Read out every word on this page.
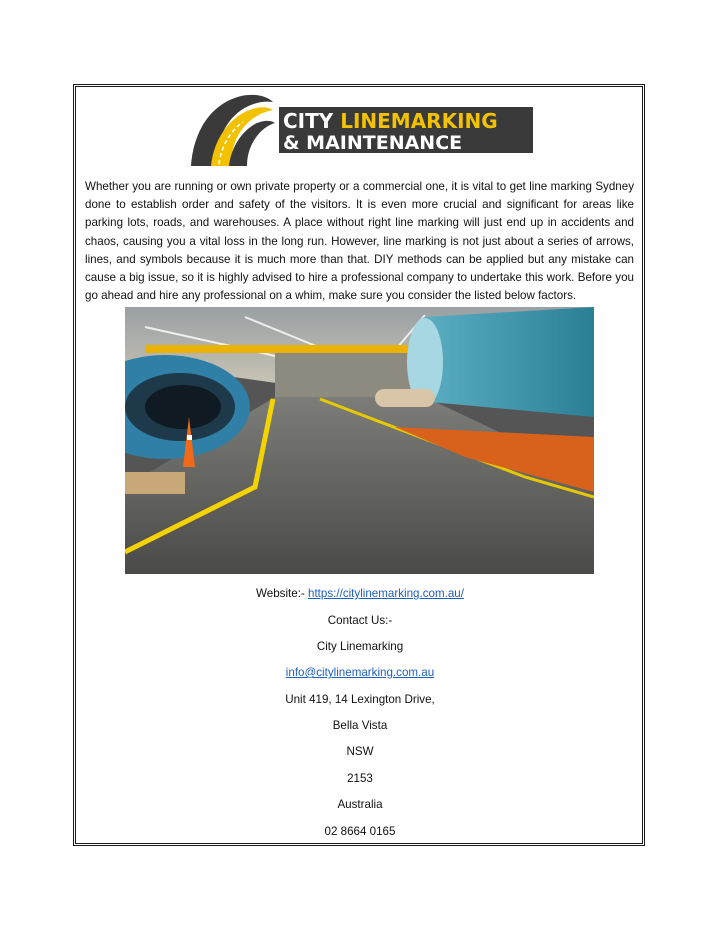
CITY LINEMARKING
& MAINTENANCE

Whether you are running or own private property or a commercial one, it is vital to get line marking Sydney done to establish order and safety of the visitors. It is even more crucial and significant for areas like parking lots, roads, and warehouses. A place without right line marking will just end up in accidents and chaos, causing you a vital loss in the long run. However, line marking is not just about a series of arrows, lines, and symbols because it is much more than that. DIY methods can be applied but any mistake can cause a big issue, so it is highly advised to hire a professional company to undertake this work. Before you go ahead and hire any professional on a whim, make sure you consider the listed below factors.

Website:- https://citylinemarking.com.au/
Contact Us:-
City Linemarking
info@citylinemarking.com.au
Unit 419, 14 Lexington Drive,
Bella Vista
NSW
2153
Australia
02 8664 0165
